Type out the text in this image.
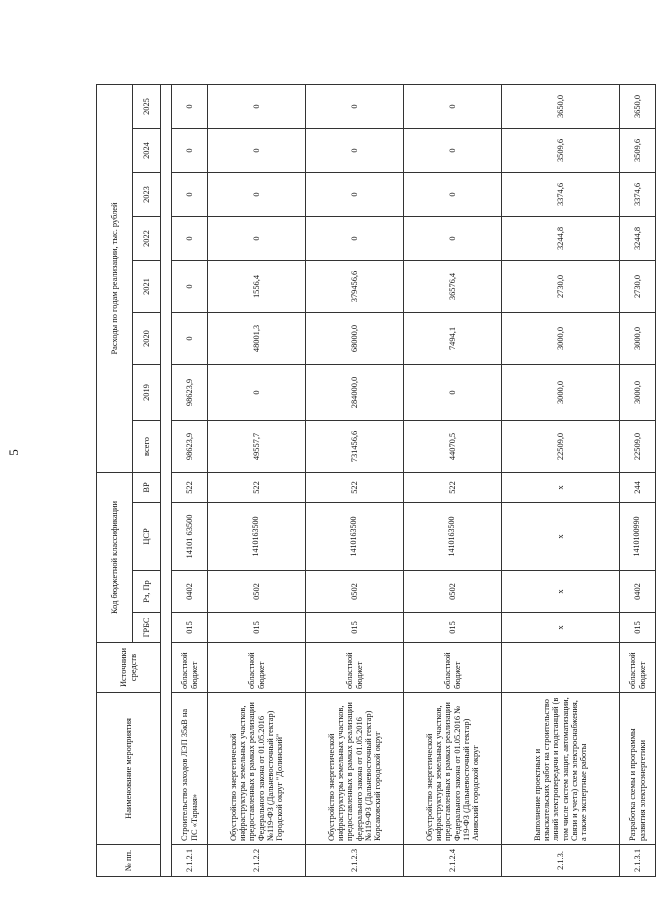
5
№ пп.	Наименование мероприятия	Источники средств	Код бюджетной классификации				Расходы по годам реализации, тыс. рублей							
			ГРБС	Рз, Пр	ЦСР	ВР	всего	2019	2020	2021	2022	2023	2024	2025

2.1.2.1	Строительство заходов ЛЭП 35кВ на ПС «Тарная»	областной бюджет	015	0402	14101 63500	522	98623,9	98623,9	0	0	0	0	0	0
2.1.2.2	Обустройство энергетической инфраструктуры земельных участков, предоставленных в рамках реализации Федерального закона от 01.05.2016 №119-ФЗ (Дальневосточный гектар) Городской округ "Долинский"	областной бюджет	015	0502	1410163500	522	49557,7	0	48001,3	1556,4	0	0	0	0
2.1.2.3	Обустройство энергетической инфраструктуры земельных участков, предоставленных в рамках реализации федерального закона от 01.05.2016 №119-ФЗ (Дальневосточный гектар) Корсаковский городской округ	областной бюджет	015	0502	1410163500	522	731456,6	284000,0	68000,0	379456,6	0	0	0	0
2.1.2.4	Обустройство энергетической инфраструктуры земельных участков, предоставленных в рамках реализации Федерального закона от 01.05.2016 № 119-ФЗ (Дальневосточный гектар) Анивский городской округ	областной бюджет	015	0502	1410163500	522	44070,5	0	7494,1	36576,4	0	0	0	0
2.1.3.	Выполнение проектных и изыскательских работ на строительство линий электропередачи и подстанций (в том числе систем защит, автоматизации, Связи и учета) схем электроснабжения, а также экспертные работы		х	х	х	х	22509,0	3000,0	3000,0	2730,0	3244,8	3374,6	3509,6	3650,0
2.1.3.1	Разработка схемы и программы развития электроэнергетики	областной бюджет	015	0402	1410100990	244	22509,0	3000,0	3000,0	2730,0	3244,8	3374,6	3509,6	3650,0
